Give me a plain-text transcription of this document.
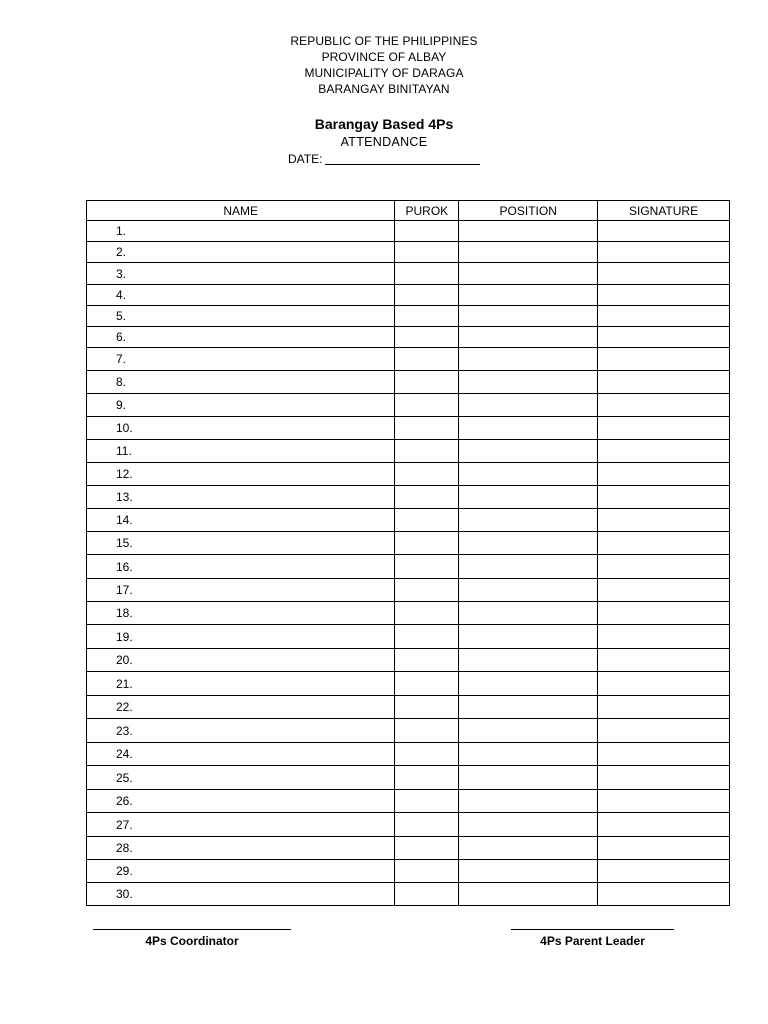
REPUBLIC OF THE PHILIPPINES
PROVINCE OF ALBAY
MUNICIPALITY OF DARAGA
BARANGAY BINITAYAN
Barangay Based 4Ps
ATTENDANCE
DATE:
NAME	PUROK	POSITION	SIGNATURE
1.			
2.			
3.			
4.			
5.			
6.			
7.			
8.			
9.			
10.			
11.			
12.			
13.			
14.			
15.			
16.			
17.			
18.			
19.			
20.			
21.			
22.			
23.			
24.			
25.			
26.			
27.			
28.			
29.			
30.			
4Ps Coordinator	4Ps Parent Leader
